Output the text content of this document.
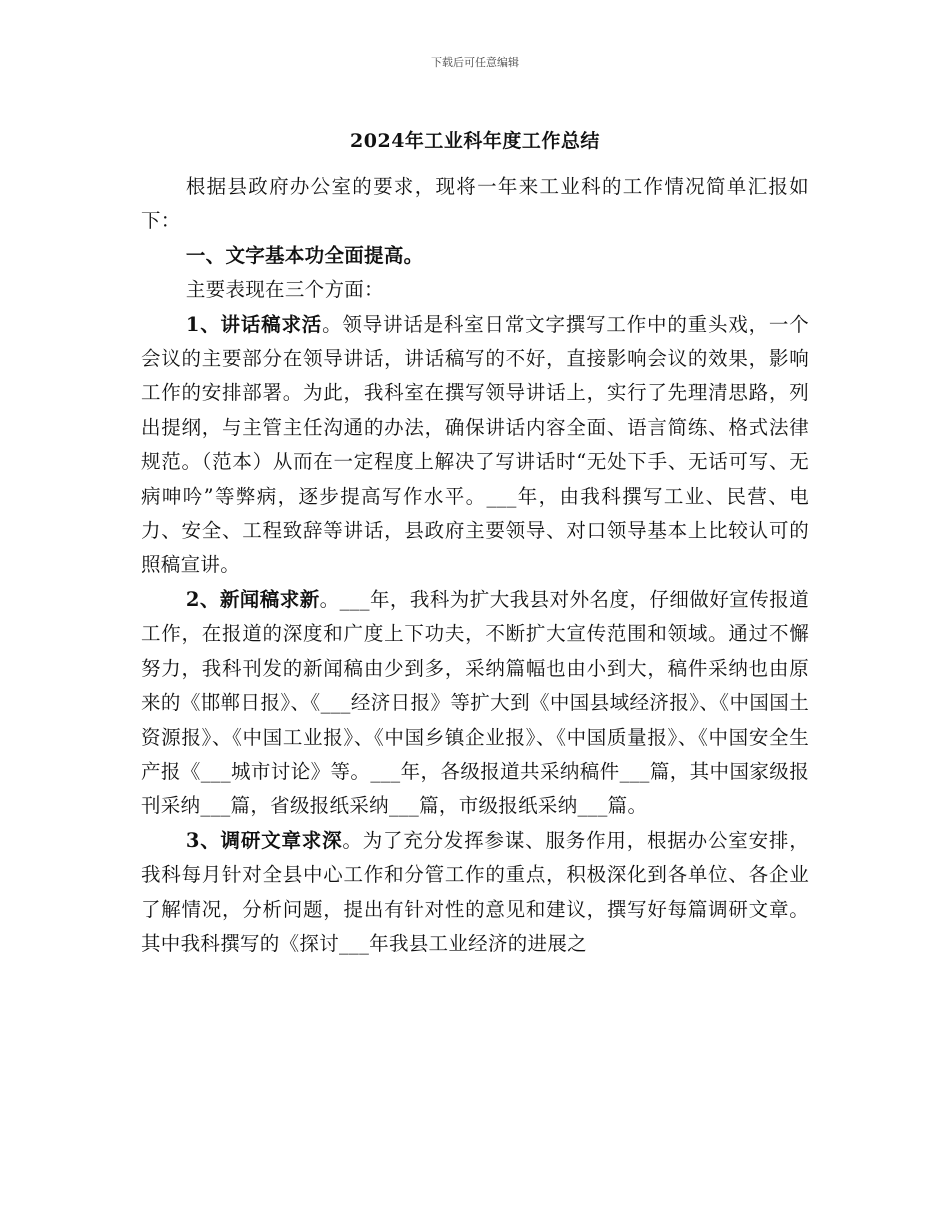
下载后可任意编辑
2024年工业科年度工作总结

根据县政府办公室的要求，现将一年来工业科的工作情况简单汇报如下：

一、文字基本功全面提高。

主要表现在三个方面：

1、讲话稿求活。领导讲话是科室日常文字撰写工作中的重头戏，一个会议的主要部分在领导讲话，讲话稿写的不好，直接影响会议的效果，影响工作的安排部署。为此，我科室在撰写领导讲话上，实行了先理清思路，列出提纲，与主管主任沟通的办法，确保讲话内容全面、语言简练、格式法律规范。（范本）从而在一定程度上解决了写讲话时“无处下手、无话可写、无病呻吟”等弊病，逐步提高写作水平。___年，由我科撰写工业、民营、电力、安全、工程致辞等讲话，县政府主要领导、对口领导基本上比较认可的照稿宣讲。

2、新闻稿求新。___年，我科为扩大我县对外名度，仔细做好宣传报道工作，在报道的深度和广度上下功夫，不断扩大宣传范围和领域。通过不懈努力，我科刊发的新闻稿由少到多，采纳篇幅也由小到大，稿件采纳也由原来的《邯郸日报》、《___经济日报》等扩大到《中国县域经济报》、《中国国土资源报》、《中国工业报》、《中国乡镇企业报》、《中国质量报》、《中国安全生产报《___城市讨论》等。___年，各级报道共采纳稿件___篇，其中国家级报刊采纳___篇，省级报纸采纳___篇，市级报纸采纳___篇。

3、调研文章求深。为了充分发挥参谋、服务作用，根据办公室安排，我科每月针对全县中心工作和分管工作的重点，积极深化到各单位、各企业了解情况，分析问题，提出有针对性的意见和建议，撰写好每篇调研文章。其中我科撰写的《探讨___年我县工业经济的进展之
